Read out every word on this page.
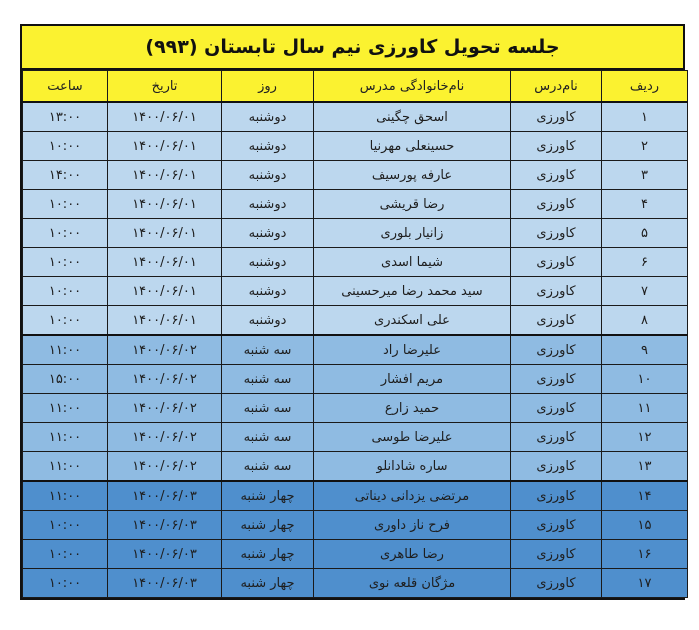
جلسه تحویل کاورزی نیم سال تابستان (۹۹۳)
ردیف	نام‌درس	نام‌خانوادگی مدرس	روز	تاریخ	ساعت
۱	کاورزی	اسحق چگینی	دوشنبه	۱۴۰۰/۰۶/۰۱	۱۳:۰۰
۲	کاورزی	حسینعلی مهرنیا	دوشنبه	۱۴۰۰/۰۶/۰۱	۱۰:۰۰
۳	کاورزی	عارفه پورسیف	دوشنبه	۱۴۰۰/۰۶/۰۱	۱۴:۰۰
۴	کاورزی	رضا قریشی	دوشنبه	۱۴۰۰/۰۶/۰۱	۱۰:۰۰
۵	کاورزی	زانیار بلوری	دوشنبه	۱۴۰۰/۰۶/۰۱	۱۰:۰۰
۶	کاورزی	شیما اسدی	دوشنبه	۱۴۰۰/۰۶/۰۱	۱۰:۰۰
۷	کاورزی	سید محمد رضا میرحسینی	دوشنبه	۱۴۰۰/۰۶/۰۱	۱۰:۰۰
۸	کاورزی	علی اسکندری	دوشنبه	۱۴۰۰/۰۶/۰۱	۱۰:۰۰
۹	کاورزی	علیرضا راد	سه شنبه	۱۴۰۰/۰۶/۰۲	۱۱:۰۰
۱۰	کاورزی	مریم افشار	سه شنبه	۱۴۰۰/۰۶/۰۲	۱۵:۰۰
۱۱	کاورزی	حمید زارع	سه شنبه	۱۴۰۰/۰۶/۰۲	۱۱:۰۰
۱۲	کاورزی	علیرضا طوسی	سه شنبه	۱۴۰۰/۰۶/۰۲	۱۱:۰۰
۱۳	کاورزی	ساره شادانلو	سه شنبه	۱۴۰۰/۰۶/۰۲	۱۱:۰۰
۱۴	کاورزی	مرتضی یزدانی دیناتی	چهار شنبه	۱۴۰۰/۰۶/۰۳	۱۱:۰۰
۱۵	کاورزی	فرح ناز داوری	چهار شنبه	۱۴۰۰/۰۶/۰۳	۱۰:۰۰
۱۶	کاورزی	رضا طاهری	چهار شنبه	۱۴۰۰/۰۶/۰۳	۱۰:۰۰
۱۷	کاورزی	مژگان قلعه نوی	چهار شنبه	۱۴۰۰/۰۶/۰۳	۱۰:۰۰
